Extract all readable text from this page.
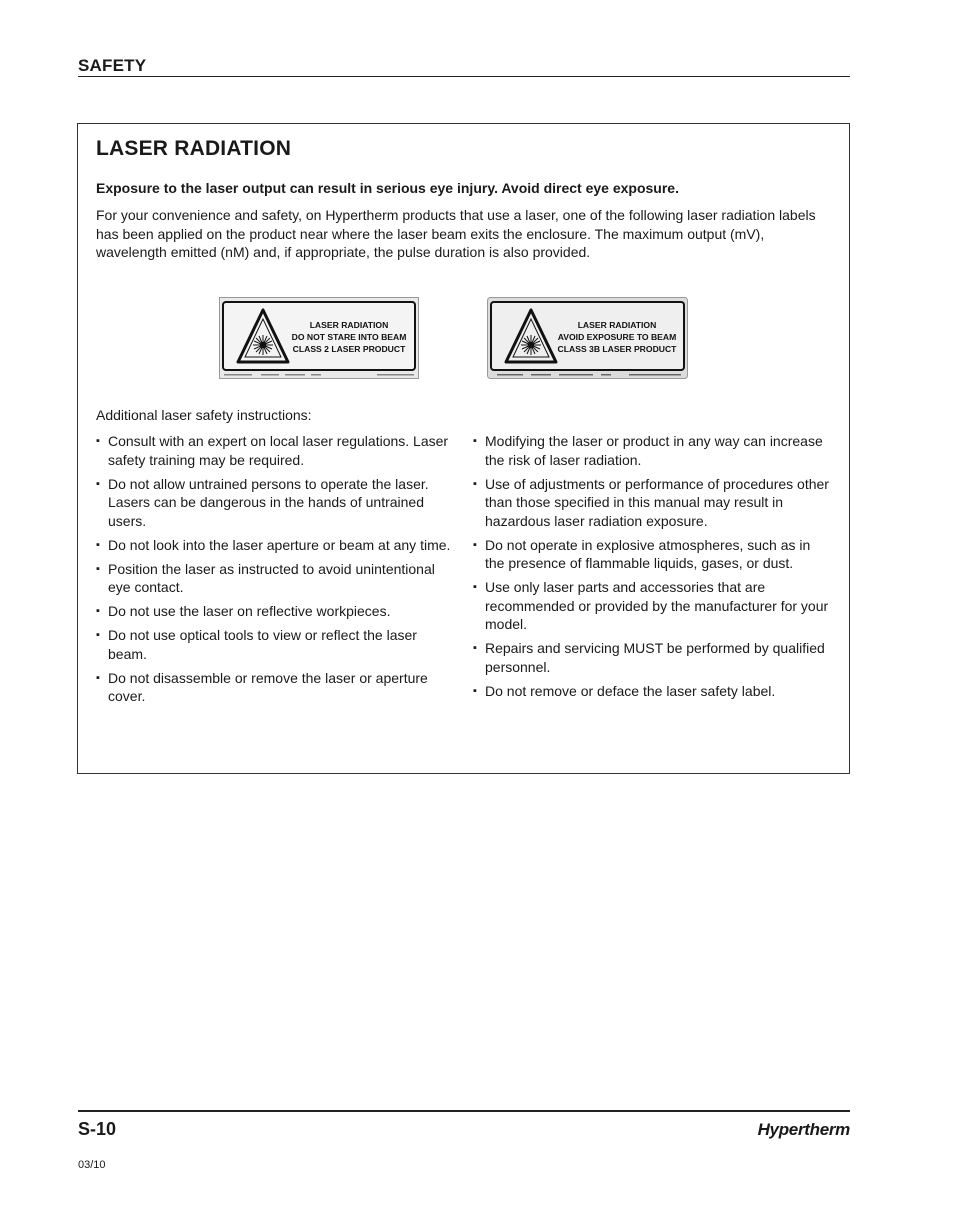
SAFETY
LASER RADIATION
Exposure to the laser output can result in serious eye injury. Avoid direct eye exposure.
For your convenience and safety, on Hypertherm products that use a laser, one of the following laser radiation labels has been applied on the product near where the laser beam exits the enclosure. The maximum output (mV), wavelength emitted (nM) and, if appropriate, the pulse duration is also provided.
LASER RADIATION
DO NOT STARE INTO BEAM
CLASS 2 LASER PRODUCT
LASER RADIATION
AVOID EXPOSURE TO BEAM
CLASS 3B LASER PRODUCT
Additional laser safety instructions:
▪ Consult with an expert on local laser regulations. Laser safety training may be required.
▪ Do not allow untrained persons to operate the laser. Lasers can be dangerous in the hands of untrained users.
▪ Do not look into the laser aperture or beam at any time.
▪ Position the laser as instructed to avoid unintentional eye contact.
▪ Do not use the laser on reflective workpieces.
▪ Do not use optical tools to view or reflect the laser beam.
▪ Do not disassemble or remove the laser or aperture cover.
▪ Modifying the laser or product in any way can increase the risk of laser radiation.
▪ Use of adjustments or performance of procedures other than those specified in this manual may result in hazardous laser radiation exposure.
▪ Do not operate in explosive atmospheres, such as in the presence of flammable liquids, gases, or dust.
▪ Use only laser parts and accessories that are recommended or provided by the manufacturer for your model.
▪ Repairs and servicing MUST be performed by qualified personnel.
▪ Do not remove or deface the laser safety label.
S-10	Hypertherm
03/10
